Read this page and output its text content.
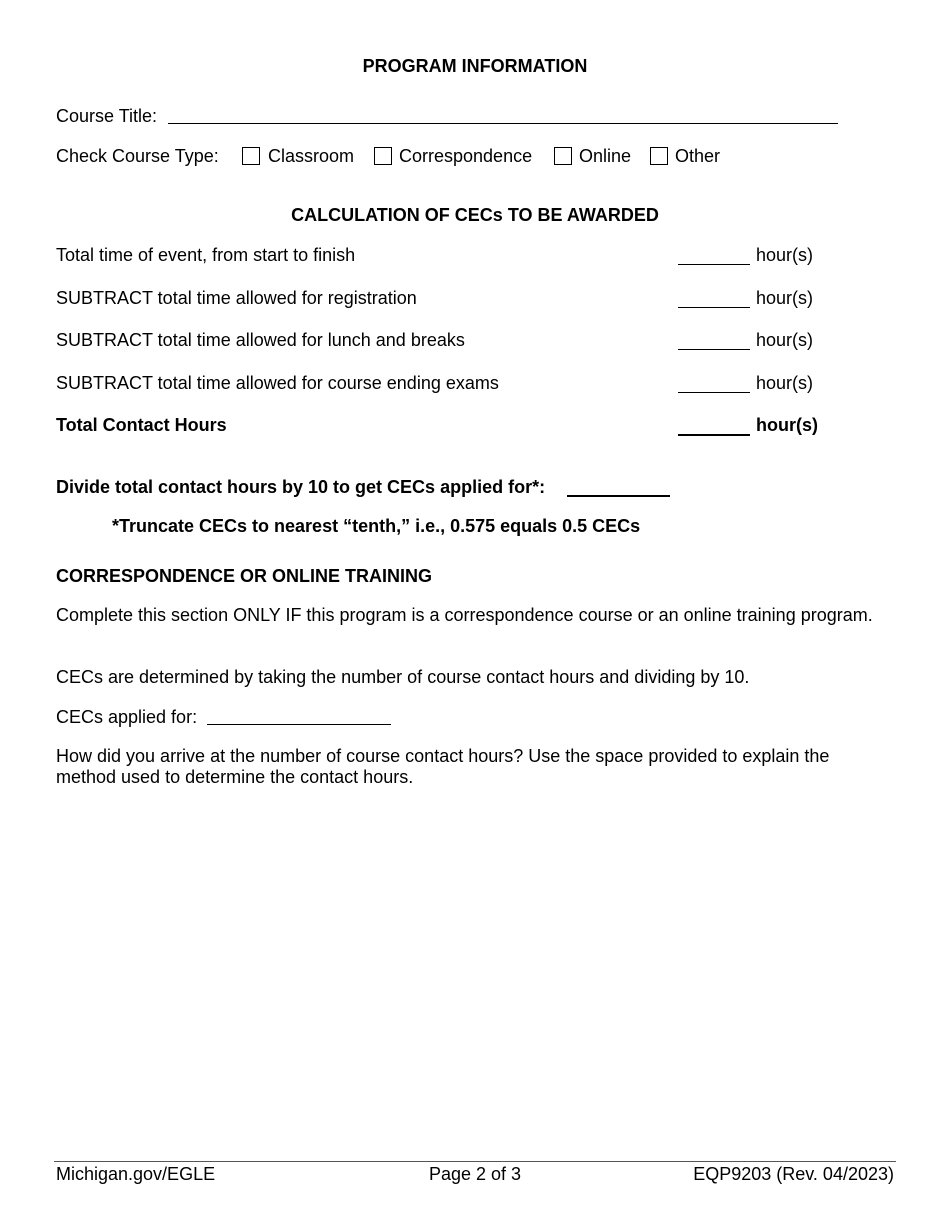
PROGRAM INFORMATION
Course Title:
Check Course Type:	Classroom Correspondence	Online Other
CALCULATION OF CECs TO BE AWARDED
Total time of event, from start to finish	hour(s)
SUBTRACT total time allowed for registration	hour(s)
SUBTRACT total time allowed for lunch and breaks	hour(s)
SUBTRACT total time allowed for course ending exams	hour(s)
Total Contact Hours	hour(s)
Divide total contact hours by 10 to get CECs applied for*:
*Truncate CECs to nearest “tenth,” i.e., 0.575 equals 0.5 CECs
CORRESPONDENCE OR ONLINE TRAINING
Complete this section ONLY IF this program is a correspondence course or an online training program.
CECs are determined by taking the number of course contact hours and dividing by 10.
CECs applied for:
How did you arrive at the number of course contact hours? Use the space provided to explain the method used to determine the contact hours.
Michigan.gov/EGLE	Page 2 of 3	EQP9203 (Rev. 04/2023)
